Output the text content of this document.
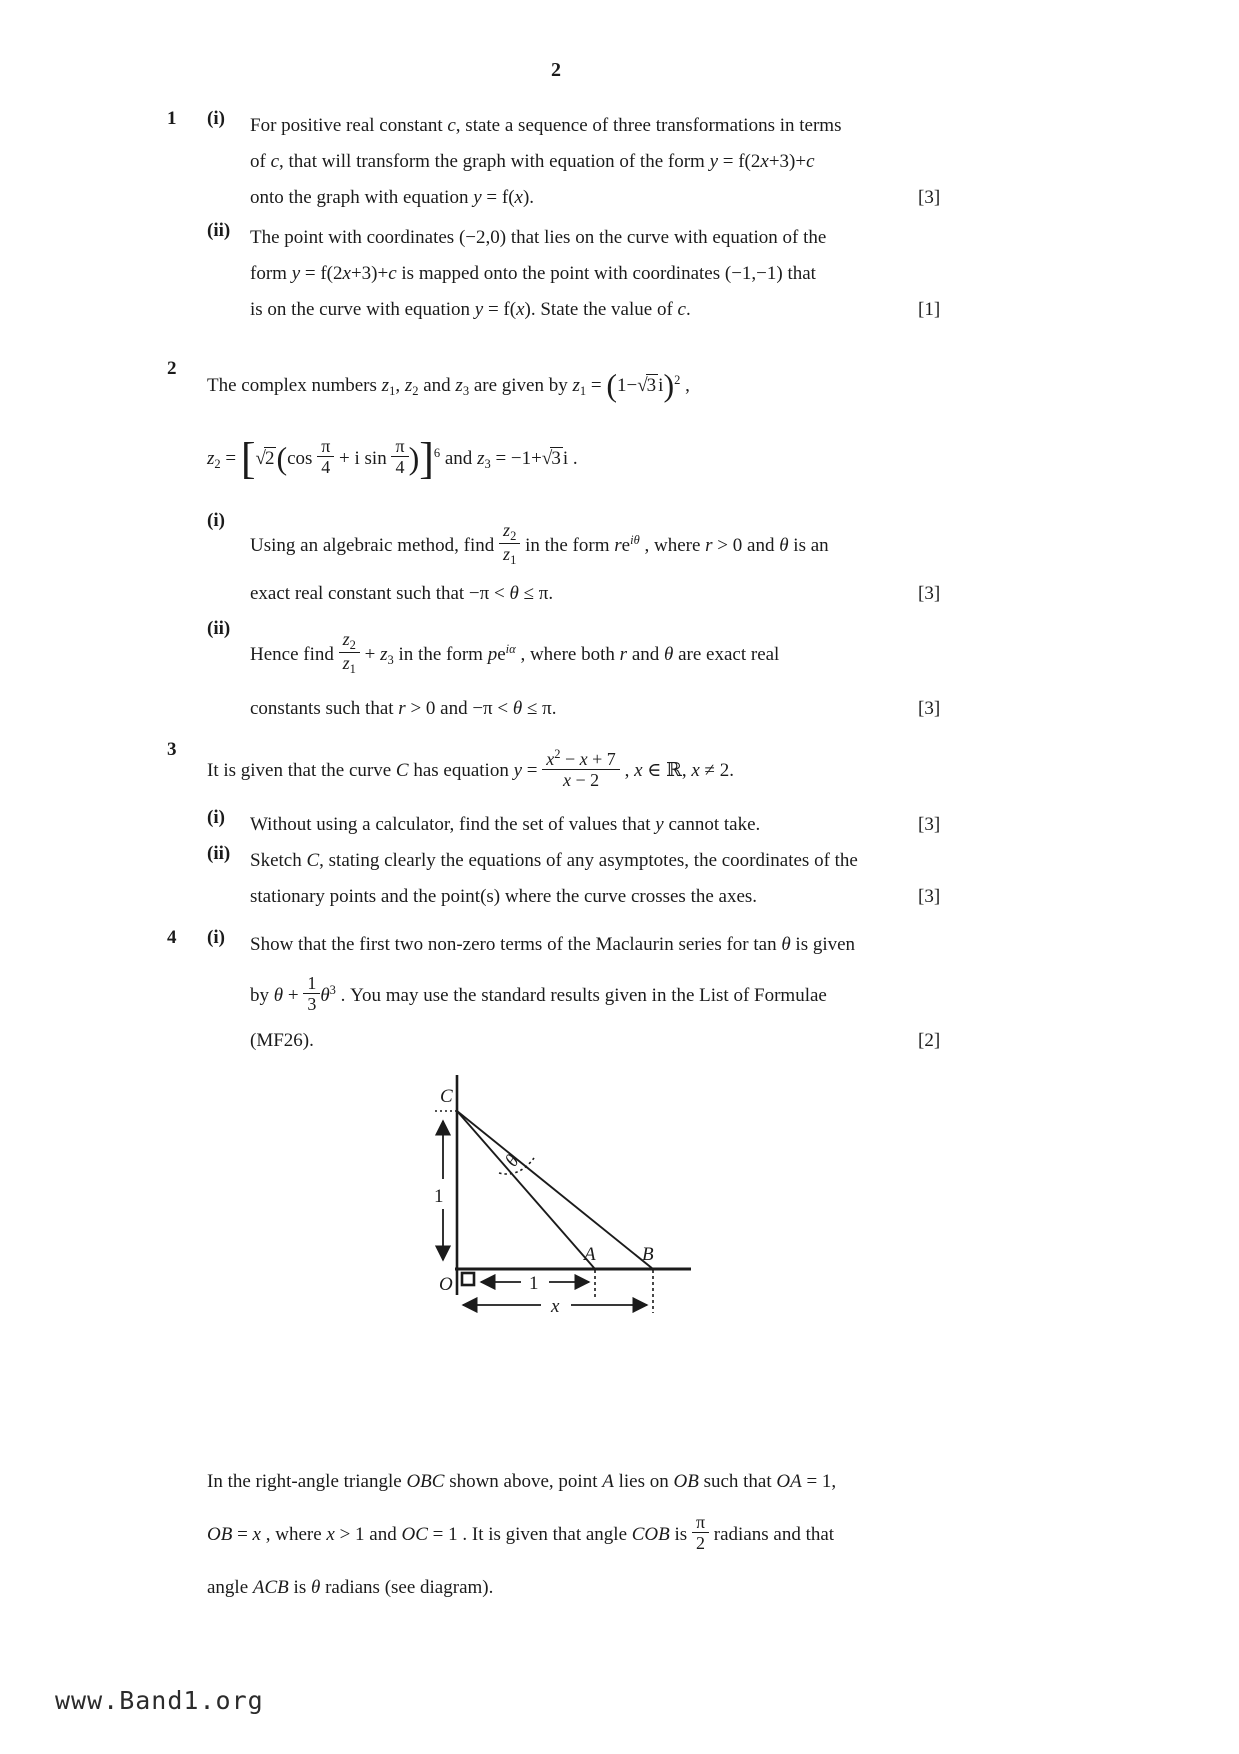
2
1	(i)	For positive real constant c, state a sequence of three transformations in terms
of c, that will transform the graph with equation of the form y = f(2x+3)+c
onto the graph with equation y = f(x).	[3]
(ii)	The point with coordinates (−2,0) that lies on the curve with equation of the
form y = f(2x+3)+c is mapped onto the point with coordinates (−1,−1) that
is on the curve with equation y = f(x). State the value of c.	[1]
2
The complex numbers $z_1$, $z_2$ and $z_3$ are given by $z_1 = (1-√3$ i)$^2$ ,
$z_2 = [√2(\cos \frac{\pi}{4} + i$ $\sin \frac{\pi}{4} )]^6$ and $z_3 = -1+√3$ i .
(i)
Using an algebraic method, find $\frac{z_2}{z_1}$ in the form $re^{i\theta}$ , where r > 0 and θ is an
exact real constant such that −π < θ ≤ π.	[3]
(ii)
Hence find $\frac{z_2}{z_1} + z_3$ in the form $pe^{i\alpha}$ , where both r and θ are exact real
constants such that r > 0 and −π < θ ≤ π.	[3]
3
It is given that the curve C has equation $y = \frac{x^2 - x + 7}{x - 2}$ , x ∈ ℝ, x ≠ 2.
(i)	Without using a calculator, find the set of values that y cannot take.	[3]
(ii)	Sketch C, stating clearly the equations of any asymptotes, the coordinates of the
stationary points and the point(s) where the curve crosses the axes.	[3]
4	(i)	Show that the first two non-zero terms of the Maclaurin series for tan θ is given
by $\theta + \frac{1}{3} \theta^3$ . You may use the standard results given in the List of Formulae
(MF26).	[2]
θ
1
O	1
x
C
A B
In the right-angle triangle OBC shown above, point A lies on OB such that OA = 1,
OB = x , where x > 1 and OC = 1 . It is given that angle COB is $\frac{\pi}{2}$ radians and that
angle ACB is θ radians (see diagram).
www.Band1.org
